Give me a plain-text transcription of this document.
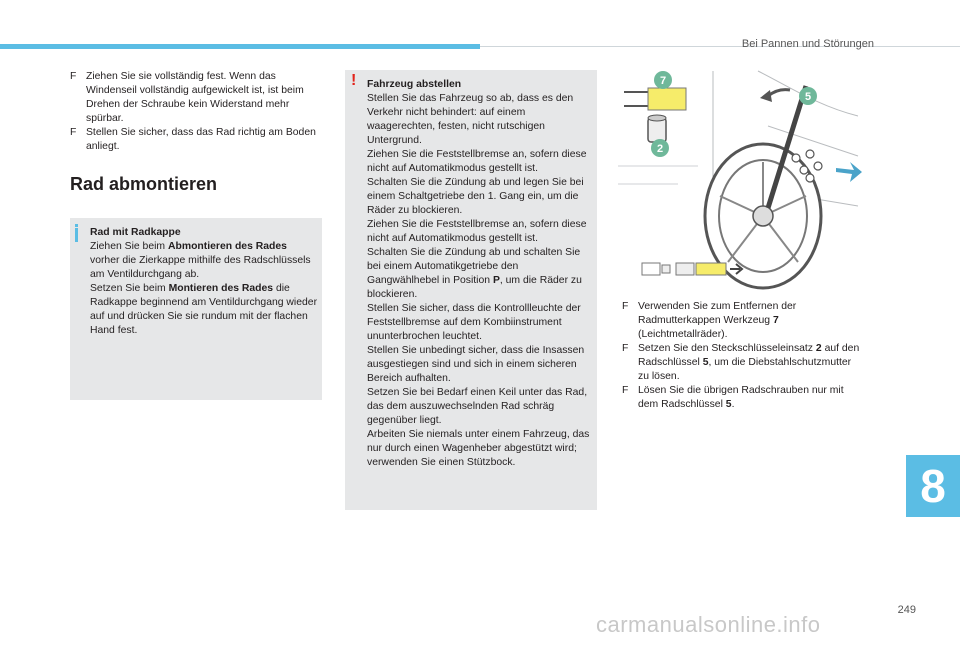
Bei Pannen und Störungen
F Ziehen Sie sie vollständig fest. Wenn das Windenseil vollständig aufgewickelt ist, ist beim Drehen der Schraube kein Widerstand mehr spürbar.

F Stellen Sie sicher, dass das Rad richtig am Boden anliegt.

Rad abmontieren
Rad mit Radkappe
Ziehen Sie beim Abmontieren des Rades vorher die Zierkappe mithilfe des Radschlüssels am Ventildurchgang ab.
Setzen Sie beim Montieren des Rades die Radkappe beginnend am Ventildurchgang wieder auf und drücken Sie sie rundum mit der flachen Hand fest.
! Fahrzeug abstellen
Stellen Sie das Fahrzeug so ab, dass es den Verkehr nicht behindert: auf einem waagerechten, festen, nicht rutschigen Untergrund.
Ziehen Sie die Feststellbremse an, sofern diese nicht auf Automatikmodus gestellt ist.
Schalten Sie die Zündung ab und legen Sie bei einem Schaltgetriebe den 1. Gang ein, um die Räder zu blockieren.
Ziehen Sie die Feststellbremse an, sofern diese nicht auf Automatikmodus gestellt ist.
Schalten Sie die Zündung ab und schalten Sie bei einem Automatikgetriebe den Gangwählhebel in Position P, um die Räder zu blockieren.
Stellen Sie sicher, dass die Kontrollleuchte der Feststellbremse auf dem Kombiinstrument ununterbrochen leuchtet.
Stellen Sie unbedingt sicher, dass die Insassen ausgestiegen sind und sich in einem sicheren Bereich aufhalten.
Setzen Sie bei Bedarf einen Keil unter das Rad, das dem auszuwechselnden Rad schräg gegenüber liegt.
Arbeiten Sie niemals unter einem Fahrzeug, das nur durch einen Wagenheber abgestützt wird; verwenden Sie einen Stützbock.
7
5
2
F Verwenden Sie zum Entfernen der Radmutterkappen Werkzeug 7 (Leichtmetallräder).

F Setzen Sie den Steckschlüsseleinsatz 2 auf den Radschlüssel 5, um die Diebstahlschutzmutter zu lösen.

F Lösen Sie die übrigen Radschrauben nur mit dem Radschlüssel 5.

8
249
carmanualsonline.info
